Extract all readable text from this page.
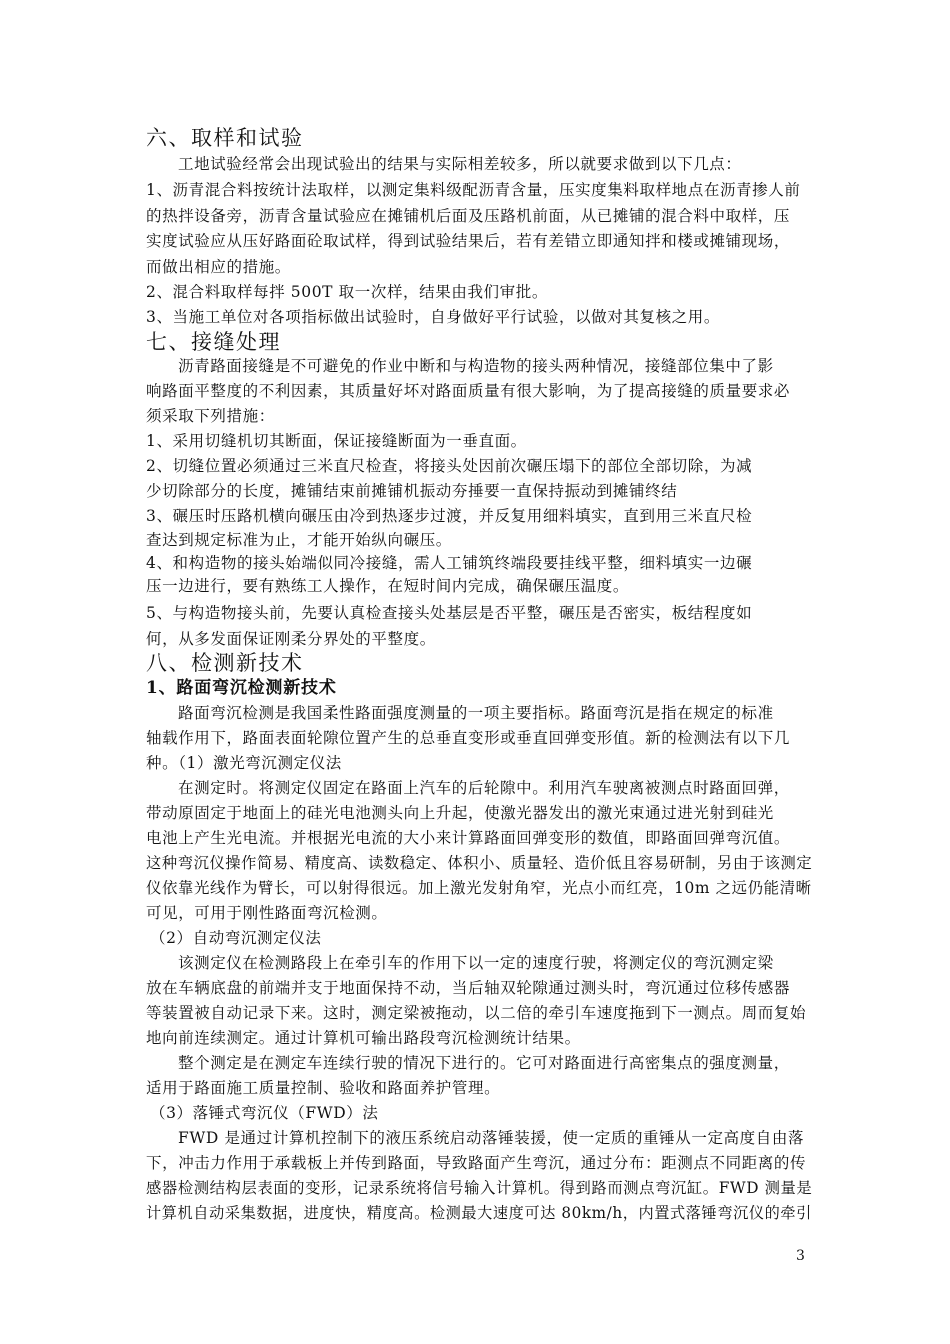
六、取样和试验
工地试验经常会出现试验出的结果与实际相差较多，所以就要求做到以下几点：
1、沥青混合料按统计法取样，以测定集料级配沥青含量，压实度集料取样地点在沥青掺人前
的热拌设备旁，沥青含量试验应在摊铺机后面及压路机前面，从已摊铺的混合料中取样，压
实度试验应从压好路面砼取试样，得到试验结果后，若有差错立即通知拌和楼或摊铺现场，
而做出相应的措施。
2、混合料取样每拌 500T 取一次样，结果由我们审批。
3、当施工单位对各项指标做出试验时，自身做好平行试验，以做对其复核之用。
七、接缝处理
沥青路面接缝是不可避免的作业中断和与构造物的接头两种情况，接缝部位集中了影
响路面平整度的不利因素，其质量好坏对路面质量有很大影响，为了提高接缝的质量要求必
须采取下列措施：
1、采用切缝机切其断面，保证接缝断面为一垂直面。
2、切缝位置必须通过三米直尺检查，将接头处因前次碾压塌下的部位全部切除，为减
少切除部分的长度，摊铺结束前摊铺机振动夯捶要一直保持振动到摊铺终结
3、碾压时压路机横向碾压由冷到热逐步过渡，并反复用细料填实，直到用三米直尺检
查达到规定标准为止，才能开始纵向碾压。
4、和构造物的接头始端似同冷接缝，需人工铺筑终端段要挂线平整，细料填实一边碾
压一边进行，要有熟练工人操作，在短时间内完成，确保碾压温度。
5、与构造物接头前，先要认真检查接头处基层是否平整，碾压是否密实，板结程度如
何，从多发面保证刚柔分界处的平整度。
八、检测新技术
1、路面弯沉检测新技术
路面弯沉检测是我国柔性路面强度测量的一项主要指标。路面弯沉是指在规定的标准
轴载作用下，路面表面轮隙位置产生的总垂直变形或垂直回弹变形值。新的检测法有以下几
种。（1）激光弯沉测定仪法
在测定时。将测定仪固定在路面上汽车的后轮隙中。利用汽车驶离被测点时路面回弹，
带动原固定于地面上的硅光电池测头向上升起，使激光器发出的激光束通过进光射到硅光
电池上产生光电流。并根据光电流的大小来计算路面回弹变形的数值，即路面回弹弯沉值。
这种弯沉仪操作简易、精度高、读数稳定、体积小、质量轻、造价低且容易研制，另由于该测定
仪依靠光线作为臂长，可以射得很远。加上激光发射角窄，光点小而红亮，10m 之远仍能清晰
可见，可用于刚性路面弯沉检测。
（2）自动弯沉测定仪法
该测定仪在检测路段上在牵引车的作用下以一定的速度行驶，将测定仪的弯沉测定梁
放在车辆底盘的前端并支于地面保持不动，当后轴双轮隙通过测头时，弯沉通过位移传感器
等装置被自动记录下来。这时，测定梁被拖动，以二倍的牵引车速度拖到下一测点。周而复始
地向前连续测定。通过计算机可输出路段弯沉检测统计结果。
整个测定是在测定车连续行驶的情况下进行的。它可对路面进行高密集点的强度测量，
适用于路面施工质量控制、验收和路面养护管理。
（3）落锤式弯沉仪（FWD）法
FWD 是通过计算机控制下的液压系统启动落锤装援，使一定质的重锤从一定高度自由落
下，冲击力作用于承载板上并传到路面，导致路面产生弯沉，通过分布：距测点不同距离的传
感器检测结构层表面的变形，记录系统将信号输入计算机。得到路而测点弯沉缸。FWD 测量是
计算机自动采集数据，进度快，精度高。检测最大速度可达 80km/h，内置式落锤弯沉仪的牵引
3
